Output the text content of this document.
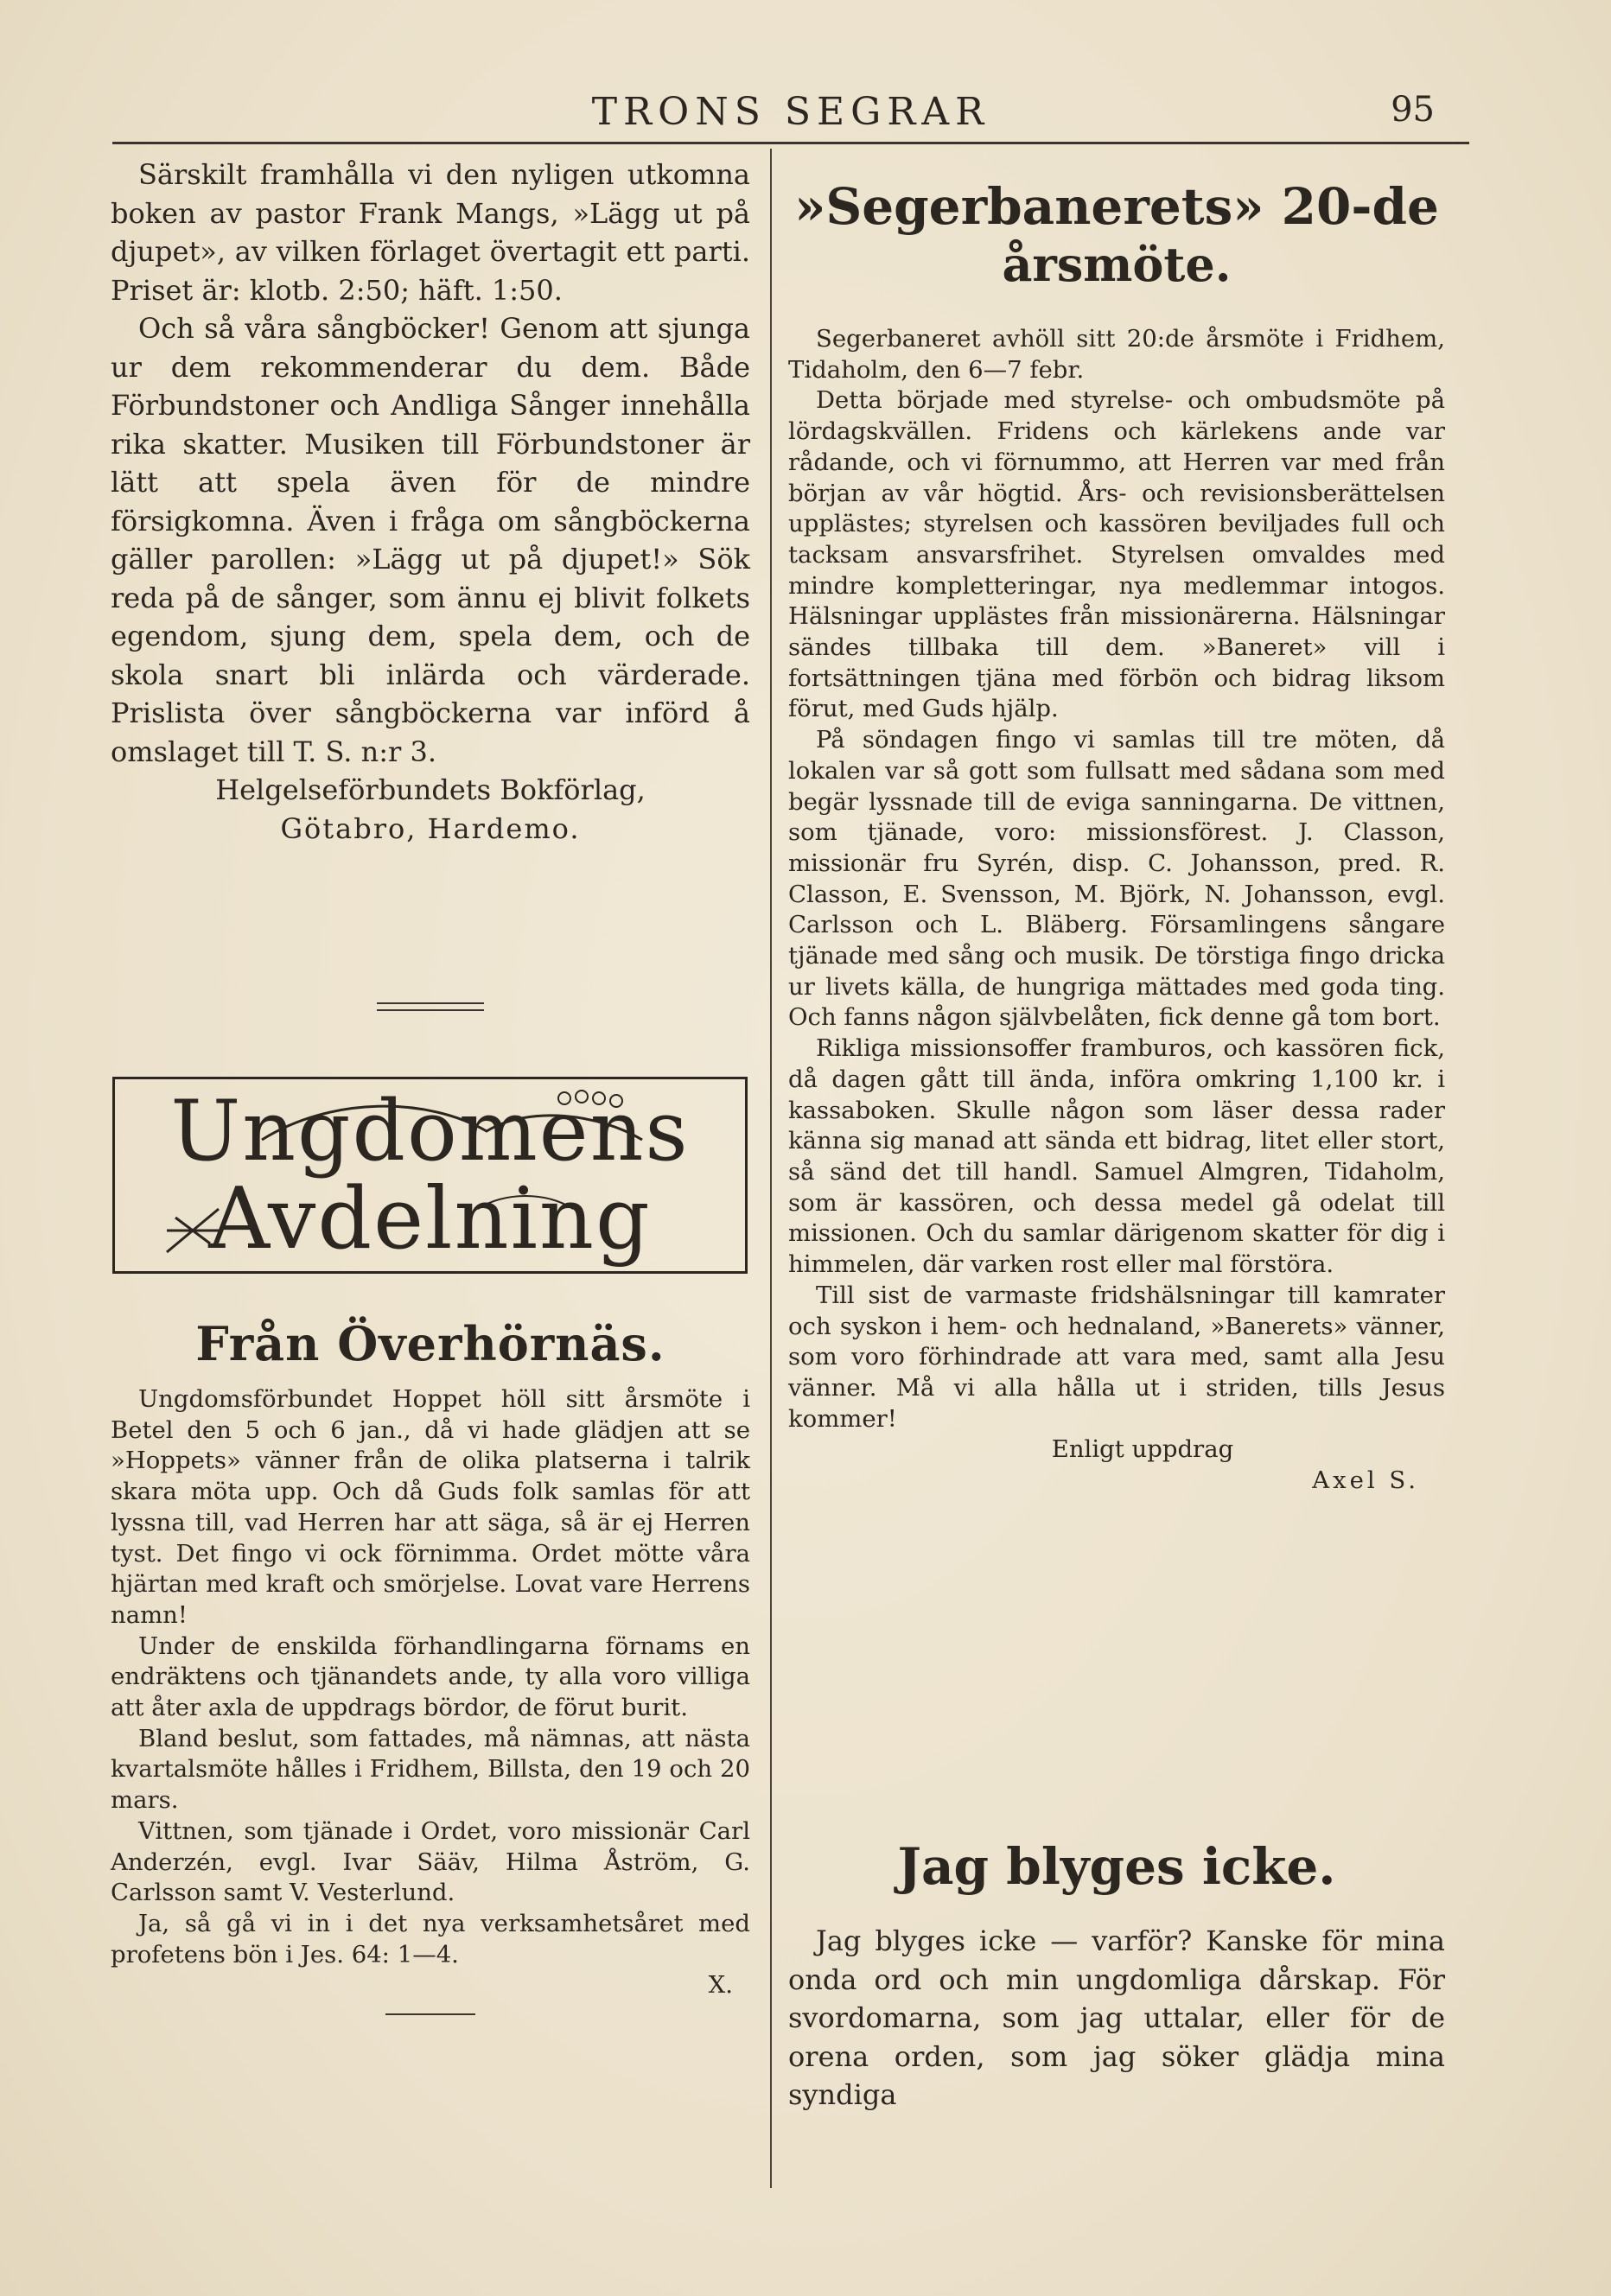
TRONS SEGRAR	95

Särskilt framhålla vi den nyligen utkomna boken av pastor Frank Mangs, »Lägg ut på djupet», av vilken förlaget övertagit ett parti. Priset är: klotb. 2:50; häft. 1:50.

Och så våra sångböcker! Genom att sjunga ur dem rekommenderar du dem. Både Förbundstoner och Andliga Sånger innehålla rika skatter. Musiken till Förbundstoner är lätt att spela även för de mindre försigkomna. Även i fråga om sångböckerna gäller parollen: »Lägg ut på djupet!» Sök reda på de sånger, som ännu ej blivit folkets egendom, sjung dem, spela dem, och de skola snart bli inlärda och värderade. Prislista över sångböckerna var införd å omslaget till T. S. n:r 3.

Helgelseförbundets Bokförlag,

Götabro, Hardemo.

Ungdomens
Avdelning
Från Överhörnäs.

Ungdomsförbundet Hoppet höll sitt årsmöte i Betel den 5 och 6 jan., då vi hade glädjen att se »Hoppets» vänner från de olika platserna i talrik skara möta upp. Och då Guds folk samlas för att lyssna till, vad Herren har att säga, så är ej Herren tyst. Det fingo vi ock förnimma. Ordet mötte våra hjärtan med kraft och smörjelse. Lovat vare Herrens namn!

Under de enskilda förhandlingarna förnams en endräktens och tjänandets ande, ty alla voro villiga att åter axla de uppdrags bördor, de förut burit.

Bland beslut, som fattades, må nämnas, att nästa kvartalsmöte hålles i Fridhem, Billsta, den 19 och 20 mars.

Vittnen, som tjänade i Ordet, voro missionär Carl Anderzén, evgl. Ivar Sääv, Hilma Åström, G. Carlsson samt V. Vesterlund.

Ja, så gå vi in i det nya verksamhetsåret med profetens bön i Jes. 64: 1—4.

X.

»Segerbanerets» 20-de
årsmöte.

Segerbaneret avhöll sitt 20:de årsmöte i Fridhem, Tidaholm, den 6—7 febr.

Detta började med styrelse- och ombudsmöte på lördagskvällen. Fridens och kärlekens ande var rådande, och vi förnummo, att Herren var med från början av vår högtid. Års- och revisionsberättelsen upplästes; styrelsen och kassören beviljades full och tacksam ansvarsfrihet. Styrelsen omvaldes med mindre kompletteringar, nya medlemmar intogos. Hälsningar upplästes från missionärerna. Hälsningar sändes tillbaka till dem. »Baneret» vill i fortsättningen tjäna med förbön och bidrag liksom förut, med Guds hjälp.

På söndagen fingo vi samlas till tre möten, då lokalen var så gott som fullsatt med sådana som med begär lyssnade till de eviga sanningarna. De vittnen, som tjänade, voro: missionsförest. J. Classon, missionär fru Syrén, disp. C. Johansson, pred. R. Classon, E. Svensson, M. Björk, N. Johansson, evgl. Carlsson och L. Bläberg. Församlingens sångare tjänade med sång och musik. De törstiga fingo dricka ur livets källa, de hungriga mättades med goda ting. Och fanns någon självbelåten, fick denne gå tom bort.

Rikliga missionsoffer framburos, och kassören fick, då dagen gått till ända, införa omkring 1,100 kr. i kassaboken. Skulle någon som läser dessa rader känna sig manad att sända ett bidrag, litet eller stort, så sänd det till handl. Samuel Almgren, Tidaholm, som är kassören, och dessa medel gå odelat till missionen. Och du samlar därigenom skatter för dig i himmelen, där varken rost eller mal förstöra.

Till sist de varmaste fridshälsningar till kamrater och syskon i hem- och hednaland, »Banerets» vänner, som voro förhindrade att vara med, samt alla Jesu vänner. Må vi alla hålla ut i striden, tills Jesus kommer!

Enligt uppdrag

Axel S.

Jag blyges icke.

Jag blyges icke — varför? Kanske för mina onda ord och min ungdomliga dårskap. För svordomarna, som jag uttalar, eller för de orena orden, som jag söker glädja mina syndiga
